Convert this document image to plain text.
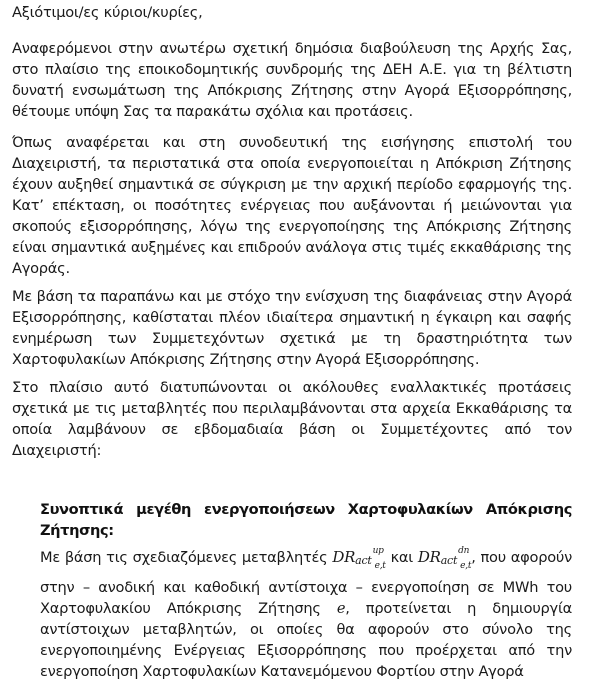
Αξιότιμοι/ες κύριοι/κυρίες,

Αναφερόμενοι στην ανωτέρω σχετική δημόσια διαβούλευση της Αρχής Σας, στο πλαίσιο της εποικοδομητικής συνδρομής της ΔΕΗ Α.Ε. για τη βέλτιστη δυνατή ενσωμάτωση της Απόκρισης Ζήτησης στην Αγορά Εξισορρόπησης, θέτουμε υπόψη Σας τα παρακάτω σχόλια και προτάσεις.

Όπως αναφέρεται και στη συνοδευτική της εισήγησης επιστολή του Διαχειριστή, τα περιστατικά στα οποία ενεργοποιείται η Απόκριση Ζήτησης έχουν αυξηθεί σημαντικά σε σύγκριση με την αρχική περίοδο εφαρμογής της. Κατ’ επέκταση, οι ποσότητες ενέργειας που αυξάνονται ή μειώνονται για σκοπούς εξισορρόπησης, λόγω της ενεργοποίησης της Απόκρισης Ζήτησης είναι σημαντικά αυξημένες και επιδρούν ανάλογα στις τιμές εκκαθάρισης της Αγοράς.

Με βάση τα παραπάνω και με στόχο την ενίσχυση της διαφάνειας στην Αγορά Εξισορρόπησης, καθίσταται πλέον ιδιαίτερα σημαντική η έγκαιρη και σαφής ενημέρωση των Συμμετεχόντων σχετικά με τη δραστηριότητα των Χαρτοφυλακίων Απόκρισης Ζήτησης στην Αγορά Εξισορρόπησης.

Στο πλαίσιο αυτό διατυπώνονται οι ακόλουθες εναλλακτικές προτάσεις σχετικά με τις μεταβλητές που περιλαμβάνονται στα αρχεία Εκκαθάρισης τα οποία λαμβάνουν σε εβδομαδιαία βάση οι Συμμετέχοντες από τον Διαχειριστή:

Συνοπτικά μεγέθη ενεργοποιήσεων Χαρτοφυλακίων Απόκρισης Ζήτησης:
Με βάση τις σχεδιαζόμενες μεταβλητές DRactupe,t και DRactdne,t, που αφορούν στην – ανοδική και καθοδική αντίστοιχα – ενεργοποίηση σε MWh του Χαρτοφυλακίου Απόκρισης Ζήτησης e, προτείνεται η δημιουργία αντίστοιχων μεταβλητών, οι οποίες θα αφορούν στο σύνολο της ενεργοποιημένης Ενέργειας Εξισορρόπησης που προέρχεται από την ενεργοποίηση Χαρτοφυλακίων Κατανεμόμενου Φορτίου στην Αγορά
